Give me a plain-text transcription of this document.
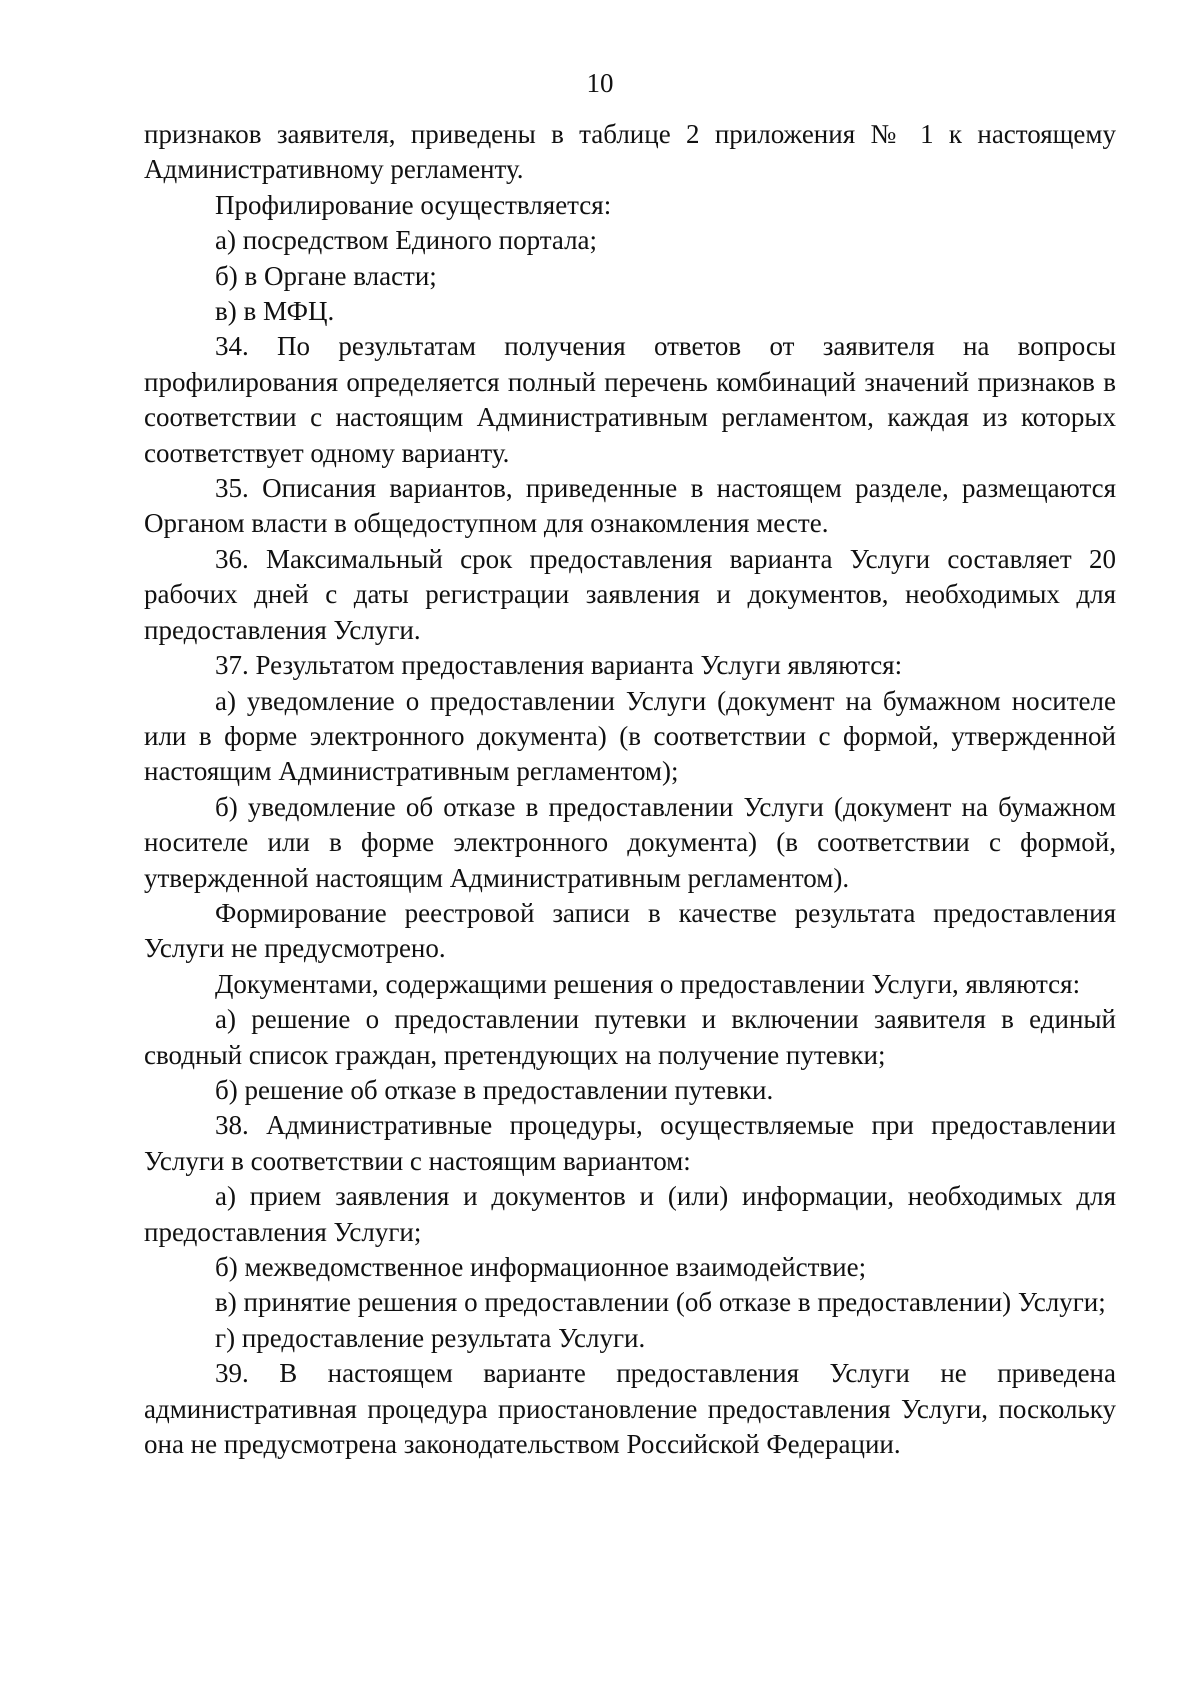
10

признаков заявителя, приведены в таблице 2 приложения № 1 к настоящему Административному регламенту.

Профилирование осуществляется:

а) посредством Единого портала;

б) в Органе власти;

в) в МФЦ.

34. По результатам получения ответов от заявителя на вопросы профилирования определяется полный перечень комбинаций значений признаков в соответствии с настоящим Административным регламентом, каждая из которых соответствует одному варианту.

35. Описания вариантов, приведенные в настоящем разделе, размещаются Органом власти в общедоступном для ознакомления месте.

36. Максимальный срок предоставления варианта Услуги составляет 20 рабочих дней с даты регистрации заявления и документов, необходимых для предоставления Услуги.

37. Результатом предоставления варианта Услуги являются:

а) уведомление о предоставлении Услуги (документ на бумажном носителе или в форме электронного документа) (в соответствии с формой, утвержденной настоящим Административным регламентом);

б) уведомление об отказе в предоставлении Услуги (документ на бумажном носителе или в форме электронного документа) (в соответствии с формой, утвержденной настоящим Административным регламентом).

Формирование реестровой записи в качестве результата предоставления Услуги не предусмотрено.

Документами, содержащими решения о предоставлении Услуги, являются:

а) решение о предоставлении путевки и включении заявителя в единый сводный список граждан, претендующих на получение путевки;

б) решение об отказе в предоставлении путевки.

38. Административные процедуры, осуществляемые при предоставлении Услуги в соответствии с настоящим вариантом:

а) прием заявления и документов и (или) информации, необходимых для предоставления Услуги;

б) межведомственное информационное взаимодействие;

в) принятие решения о предоставлении (об отказе в предоставлении) Услуги;

г) предоставление результата Услуги.

39. В настоящем варианте предоставления Услуги не приведена административная процедура приостановление предоставления Услуги, поскольку она не предусмотрена законодательством Российской Федерации.
